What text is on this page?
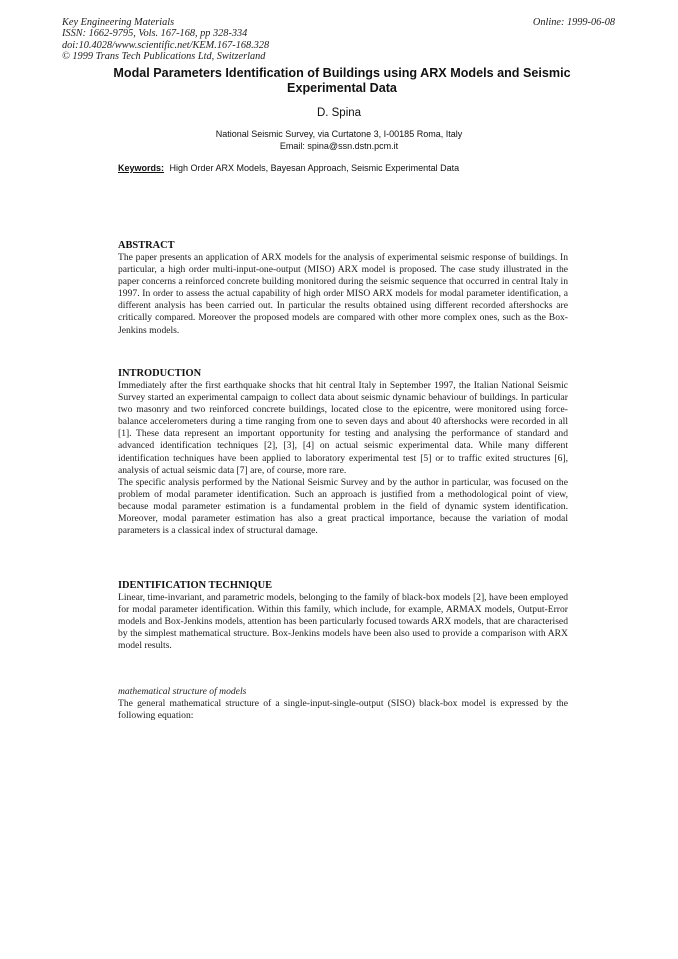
Key Engineering Materials
ISSN: 1662-9795, Vols. 167-168, pp 328-334
doi:10.4028/www.scientific.net/KEM.167-168.328
© 1999 Trans Tech Publications Ltd, Switzerland
Online: 1999-06-08
Modal Parameters Identification of Buildings using ARX Models and Seismic Experimental Data
D. Spina
National Seismic Survey, via Curtatone 3, I-00185 Roma, Italy
Email: spina@ssn.dstn.pcm.it
Keywords: High Order ARX Models, Bayesan Approach, Seismic Experimental Data
ABSTRACT

The paper presents an application of ARX models for the analysis of experimental seismic response of buildings. In particular, a high order multi-input-one-output (MISO) ARX model is proposed. The case study illustrated in the paper concerns a reinforced concrete building monitored during the seismic sequence that occurred in central Italy in 1997. In order to assess the actual capability of high order MISO ARX models for modal parameter identification, a different analysis has been carried out. In particular the results obtained using different recorded aftershocks are critically compared. Moreover the proposed models are compared with other more complex ones, such as the Box-Jenkins models.

INTRODUCTION

Immediately after the first earthquake shocks that hit central Italy in September 1997, the Italian National Seismic Survey started an experimental campaign to collect data about seismic dynamic behaviour of buildings. In particular two masonry and two reinforced concrete buildings, located close to the epicentre, were monitored using force-balance accelerometers during a time ranging from one to seven days and about 40 aftershocks were recorded in all [1]. These data represent an important opportunity for testing and analysing the performance of standard and advanced identification techniques [2], [3], [4] on actual seismic experimental data. While many different identification techniques have been applied to laboratory experimental test [5] or to traffic exited structures [6], analysis of actual seismic data [7] are, of course, more rare.

The specific analysis performed by the National Seismic Survey and by the author in particular, was focused on the problem of modal parameter identification. Such an approach is justified from a methodological point of view, because modal parameter estimation is a fundamental problem in the field of dynamic system identification. Moreover, modal parameter estimation has also a great practical importance, because the variation of modal parameters is a classical index of structural damage.

IDENTIFICATION TECHNIQUE

Linear, time-invariant, and parametric models, belonging to the family of black-box models [2], have been employed for modal parameter identification. Within this family, which include, for example, ARMAX models, Output-Error models and Box-Jenkins models, attention has been particularly focused towards ARX models, that are characterised by the simplest mathematical structure. Box-Jenkins models have been also used to provide a comparison with ARX model results.

mathematical structure of models

The general mathematical structure of a single-input-single-output (SISO) black-box model is expressed by the following equation:
